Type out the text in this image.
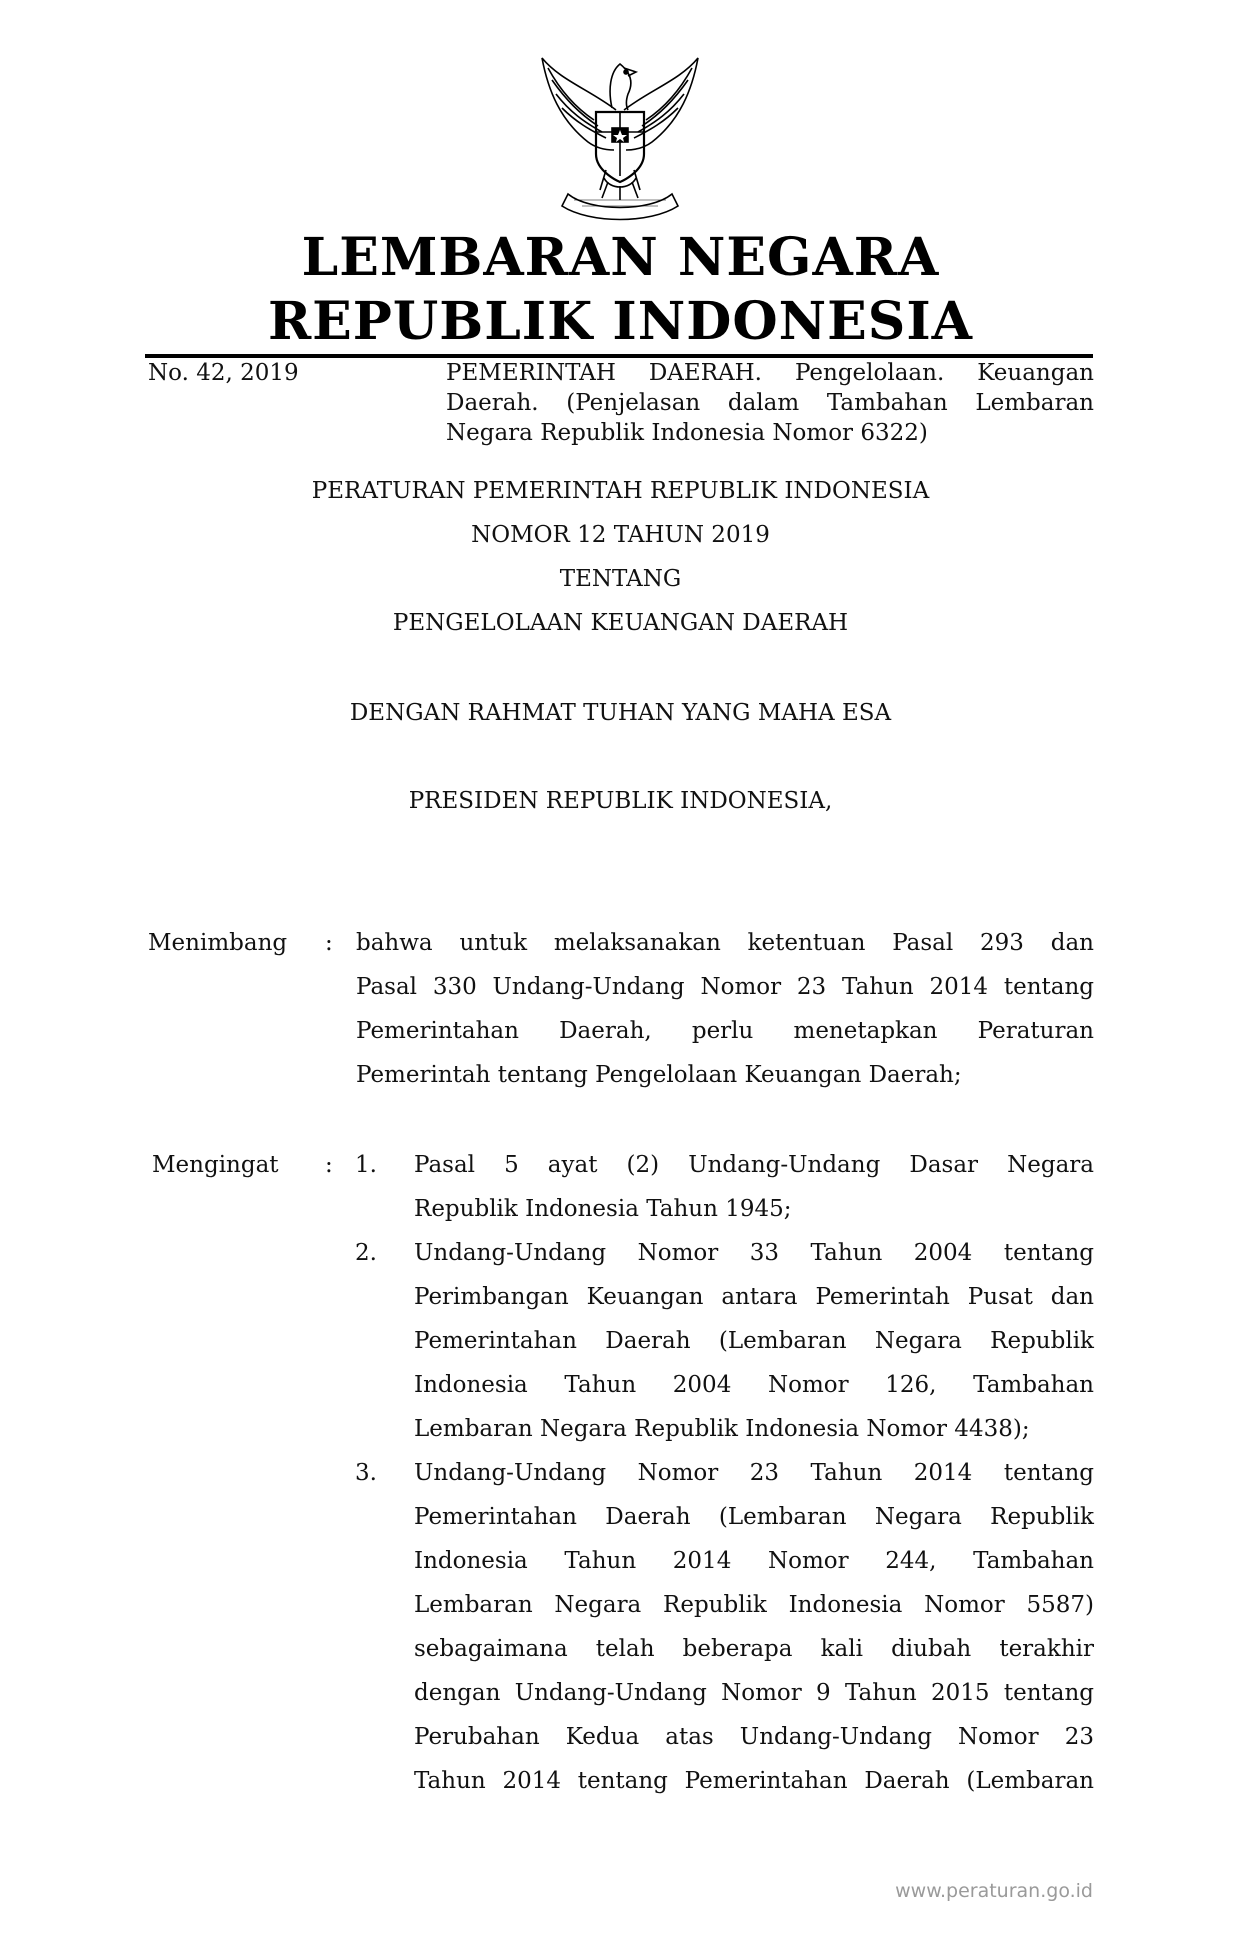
LEMBARAN NEGARA
REPUBLIK INDONESIA
No. 42, 2019	PEMERINTAH DAERAH. Pengelolaan. Keuangan
Daerah. (Penjelasan dalam Tambahan Lembaran
Negara Republik Indonesia Nomor 6322)
PERATURAN PEMERINTAH REPUBLIK INDONESIA
NOMOR 12 TAHUN 2019
TENTANG
PENGELOLAAN KEUANGAN DAERAH
DENGAN RAHMAT TUHAN YANG MAHA ESA
PRESIDEN REPUBLIK INDONESIA,
Menimbang : bahwa untuk melaksanakan ketentuan Pasal 293 dan
Pasal 330 Undang-Undang Nomor 23 Tahun 2014 tentang
Pemerintahan Daerah, perlu menetapkan Peraturan
Pemerintah tentang Pengelolaan Keuangan Daerah;
Mengingat : 1. Pasal 5 ayat (2) Undang-Undang Dasar Negara
Republik Indonesia Tahun 1945;
2. Undang-Undang Nomor 33 Tahun 2004 tentang
Perimbangan Keuangan antara Pemerintah Pusat dan
Pemerintahan Daerah (Lembaran Negara Republik
Indonesia Tahun 2004 Nomor 126, Tambahan
Lembaran Negara Republik Indonesia Nomor 4438);
3. Undang-Undang Nomor 23 Tahun 2014 tentang
Pemerintahan Daerah (Lembaran Negara Republik
Indonesia Tahun 2014 Nomor 244, Tambahan
Lembaran Negara Republik Indonesia Nomor 5587)
sebagaimana telah beberapa kali diubah terakhir
dengan Undang-Undang Nomor 9 Tahun 2015 tentang
Perubahan Kedua atas Undang-Undang Nomor 23
Tahun 2014 tentang Pemerintahan Daerah (Lembaran
www.peraturan.go.id
